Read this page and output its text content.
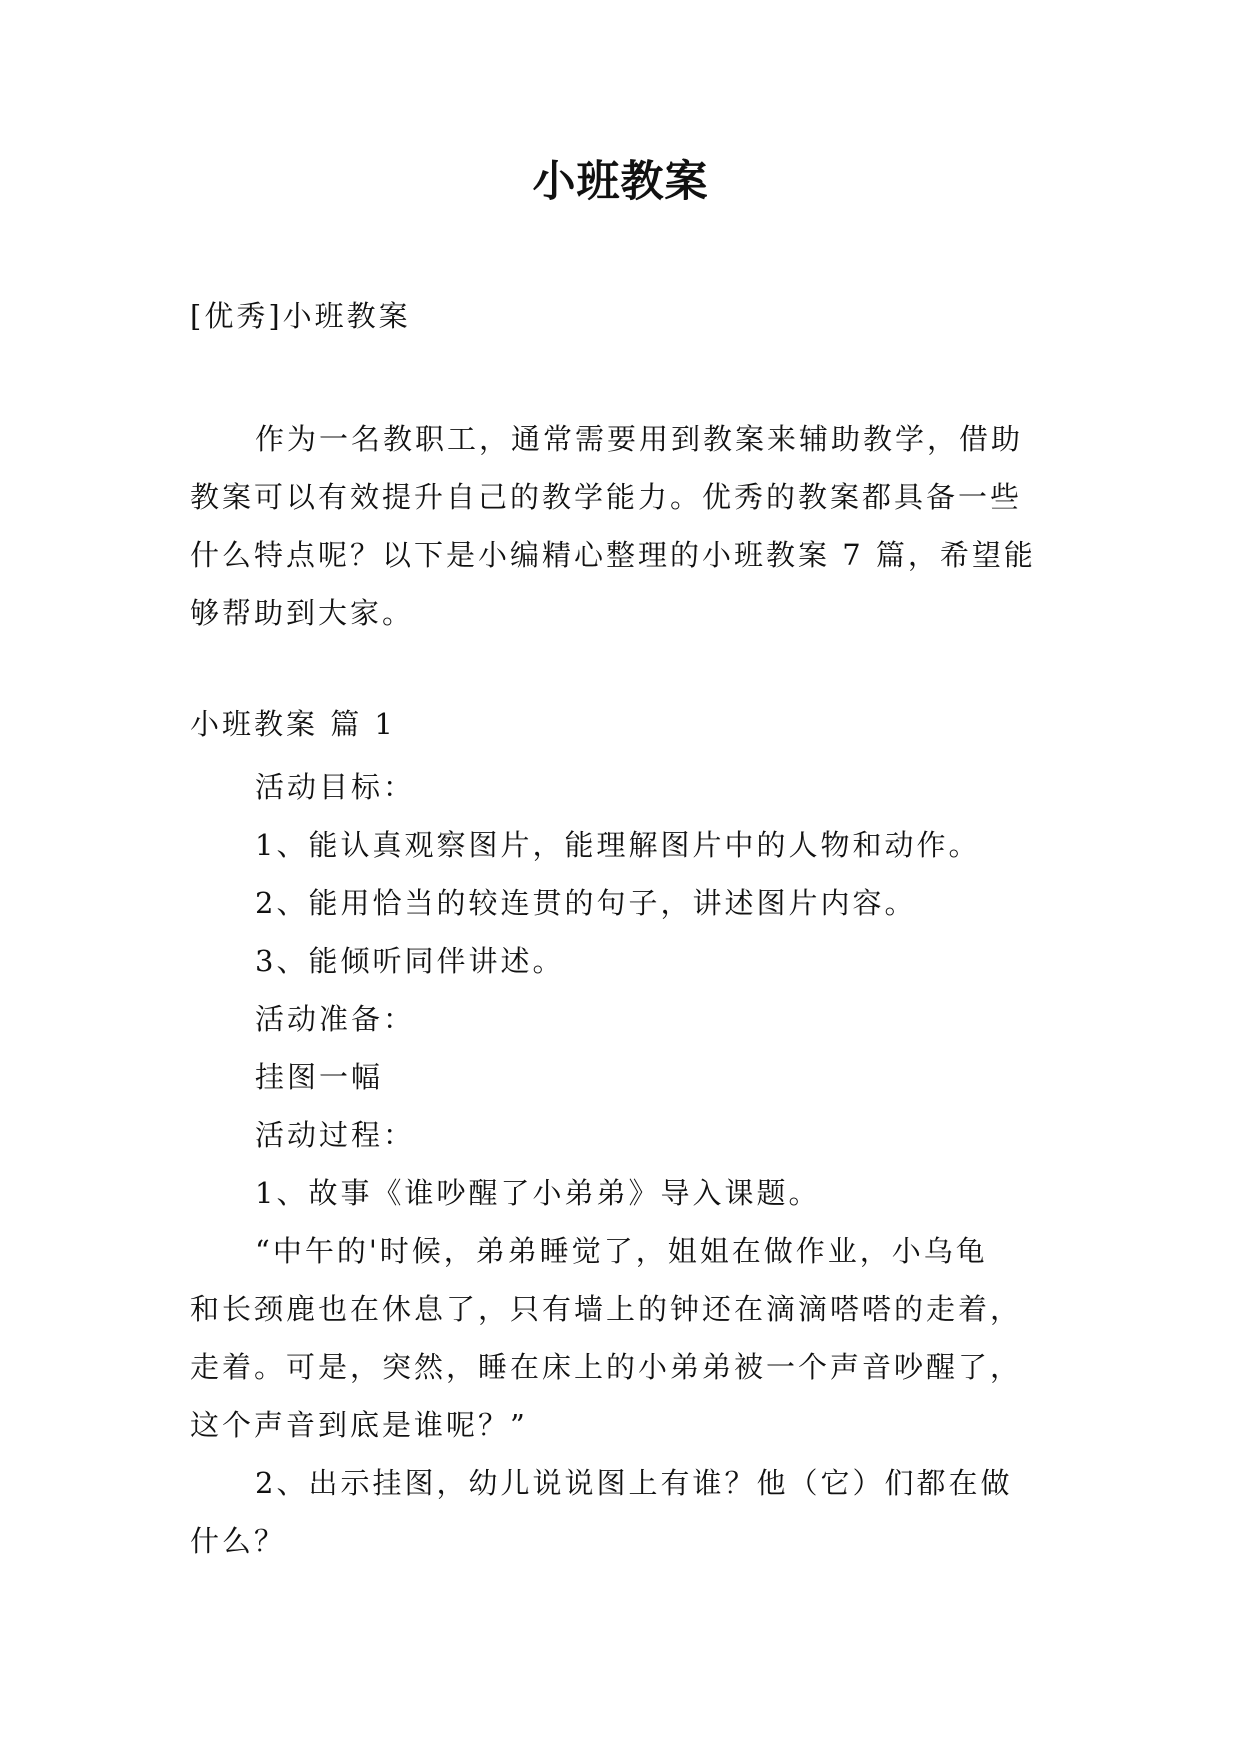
小班教案
[优秀]小班教案
作为一名教职工，通常需要用到教案来辅助教学，借助
教案可以有效提升自己的教学能力。优秀的教案都具备一些
什么特点呢？以下是小编精心整理的小班教案 7 篇，希望能
够帮助到大家。
小班教案 篇 1
活动目标：
1、能认真观察图片，能理解图片中的人物和动作。
2、能用恰当的较连贯的句子，讲述图片内容。
3、能倾听同伴讲述。
活动准备：
挂图一幅
活动过程：
1、故事《谁吵醒了小弟弟》导入课题。
“中午的'时候，弟弟睡觉了，姐姐在做作业，小乌龟
和长颈鹿也在休息了，只有墙上的钟还在滴滴嗒嗒的走着，
走着。可是，突然，睡在床上的小弟弟被一个声音吵醒了，
这个声音到底是谁呢？”
2、出示挂图，幼儿说说图上有谁？他（它）们都在做
什么？
